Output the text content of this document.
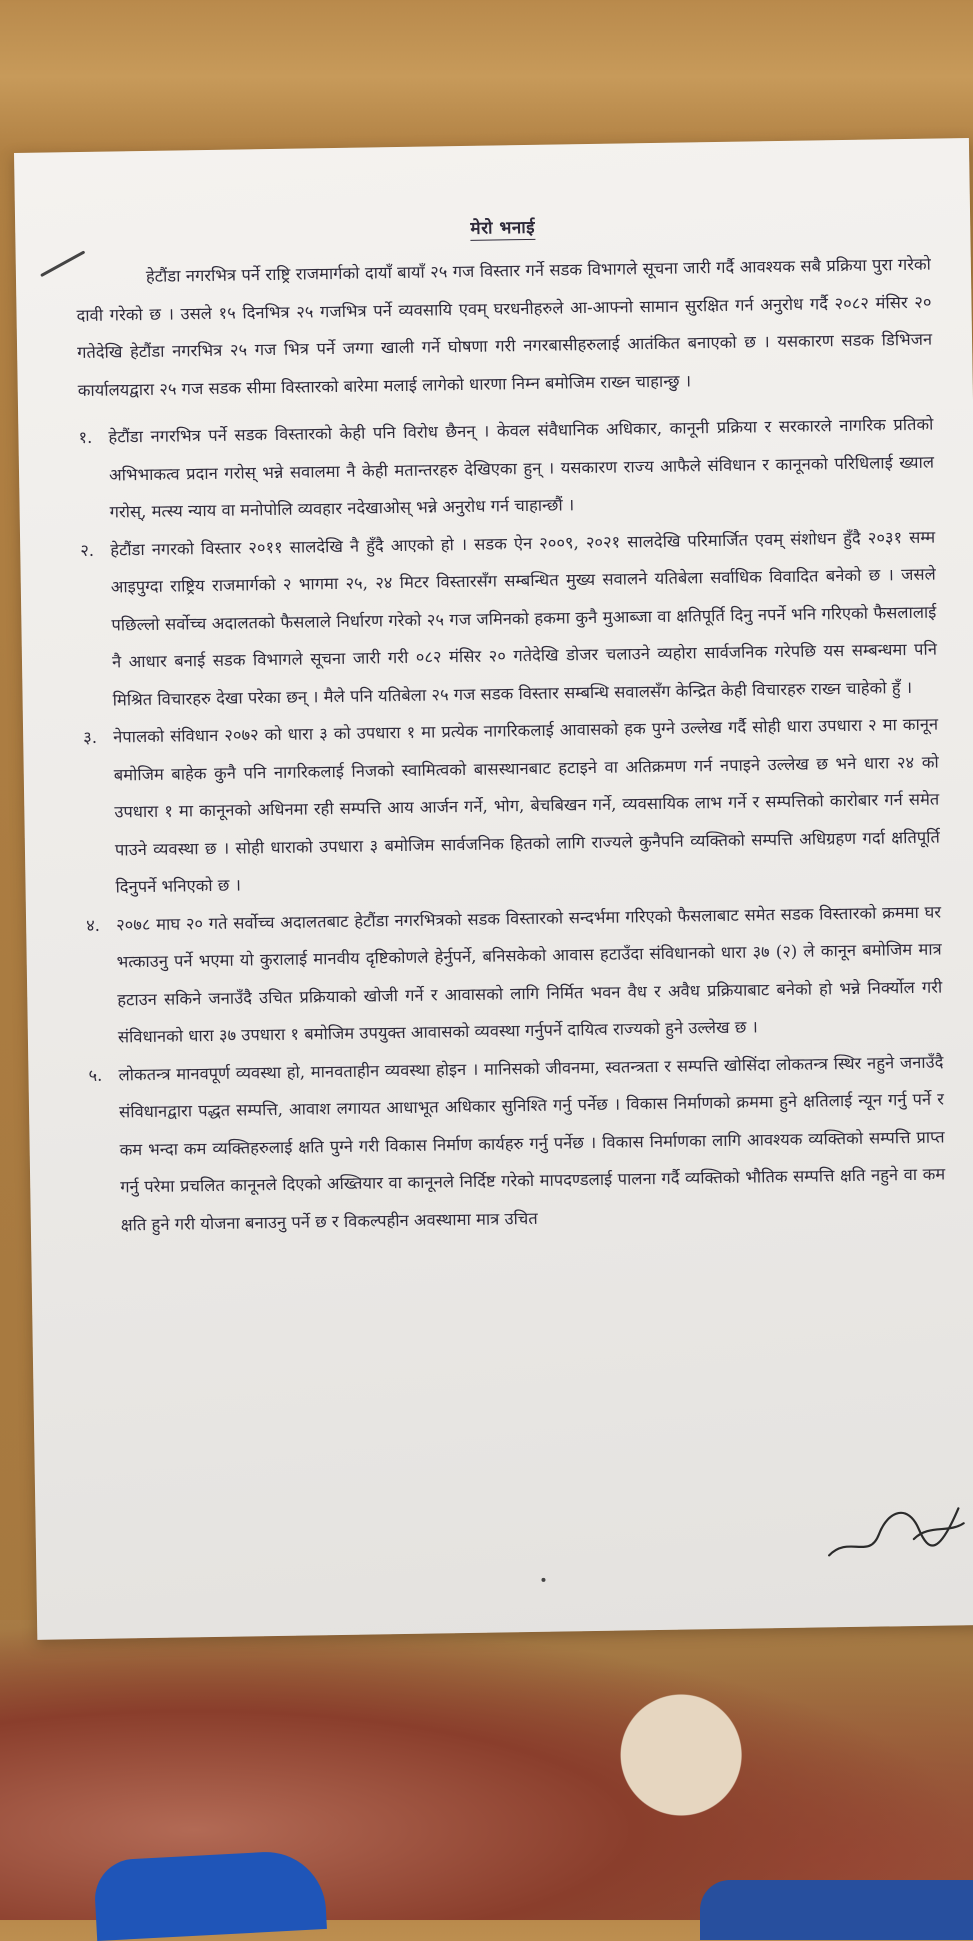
मेरो भनाई

हेटौंडा नगरभित्र पर्ने राष्ट्रि राजमार्गको दायाँ बायाँ २५ गज विस्तार गर्ने सडक विभागले सूचना जारी गर्दै आवश्यक सबै प्रक्रिया पुरा गरेको दावी गरेको छ । उसले १५ दिनभित्र २५ गजभित्र पर्ने व्यवसायि एवम् घरधनीहरुले आ-आफ्नो सामान सुरक्षित गर्न अनुरोध गर्दै २०८२ मंसिर २० गतेदेखि हेटौंडा नगरभित्र २५ गज भित्र पर्ने जग्गा खाली गर्ने घोषणा गरी नगरबासीहरुलाई आतंकित बनाएको छ । यसकारण सडक डिभिजन कार्यालयद्वारा २५ गज सडक सीमा विस्तारको बारेमा मलाई लागेको धारणा निम्न बमोजिम राख्न चाहान्छु ।

१. हेटौंडा नगरभित्र पर्ने सडक विस्तारको केही पनि विरोध छैनन् । केवल संवैधानिक अधिकार, कानूनी प्रक्रिया र सरकारले नागरिक प्रतिको अभिभाकत्व प्रदान गरोस् भन्ने सवालमा नै केही मतान्तरहरु देखिएका हुन् । यसकारण राज्य आफैले संविधान र कानूनको परिधिलाई ख्याल गरोस्, मत्स्य न्याय वा मनोपोलि व्यवहार नदेखाओस् भन्ने अनुरोध गर्न चाहान्छौं ।
२. हेटौंडा नगरको विस्तार २०११ सालदेखि नै हुँदै आएको हो । सडक ऐन २००९, २०२१ सालदेखि परिमार्जित एवम् संशोधन हुँदै २०३१ सम्म आइपुग्दा राष्ट्रिय राजमार्गको २ भागमा २५, २४ मिटर विस्तारसँग सम्बन्धित मुख्य सवालने यतिबेला सर्वाधिक विवादित बनेको छ । जसले पछिल्लो सर्वोच्च अदालतको फैसलाले निर्धारण गरेको २५ गज जमिनको हकमा कुनै मुआब्जा वा क्षतिपूर्ति दिनु नपर्ने भनि गरिएको फैसलालाई नै आधार बनाई सडक विभागले सूचना जारी गरी ०८२ मंसिर २० गतेदेखि डोजर चलाउने व्यहोरा सार्वजनिक गरेपछि यस सम्बन्धमा पनि मिश्रित विचारहरु देखा परेका छन् । मैले पनि यतिबेला २५ गज सडक विस्तार सम्बन्धि सवालसँग केन्द्रित केही विचारहरु राख्न चाहेको हुँ ।
३. नेपालको संविधान २०७२ को धारा ३ को उपधारा १ मा प्रत्येक नागरिकलाई आवासको हक पुग्ने उल्लेख गर्दै सोही धारा उपधारा २ मा कानून बमोजिम बाहेक कुनै पनि नागरिकलाई निजको स्वामित्वको बासस्थानबाट हटाइने वा अतिक्रमण गर्न नपाइने उल्लेख छ भने धारा २४ को उपधारा १ मा कानूनको अधिनमा रही सम्पत्ति आय आर्जन गर्ने, भोग, बेचबिखन गर्ने, व्यवसायिक लाभ गर्ने र सम्पत्तिको कारोबार गर्न समेत पाउने व्यवस्था छ । सोही धाराको उपधारा ३ बमोजिम सार्वजनिक हितको लागि राज्यले कुनैपनि व्यक्तिको सम्पत्ति अधिग्रहण गर्दा क्षतिपूर्ति दिनुपर्ने भनिएको छ ।
४. २०७८ माघ २० गते सर्वोच्च अदालतबाट हेटौंडा नगरभित्रको सडक विस्तारको सन्दर्भमा गरिएको फैसलाबाट समेत सडक विस्तारको क्रममा घर भत्काउनु पर्ने भएमा यो कुरालाई मानवीय दृष्टिकोणले हेर्नुपर्ने, बनिसकेको आवास हटाउँदा संविधानको धारा ३७ (२) ले कानून बमोजिम मात्र हटाउन सकिने जनाउँदै उचित प्रक्रियाको खोजी गर्ने र आवासको लागि निर्मित भवन वैध र अवैध प्रक्रियाबाट बनेको हो भन्ने निर्क्योल गरी संविधानको धारा ३७ उपधारा १ बमोजिम उपयुक्त आवासको व्यवस्था गर्नुपर्ने दायित्व राज्यको हुने उल्लेख छ ।
५. लोकतन्त्र मानवपूर्ण व्यवस्था हो, मानवताहीन व्यवस्था होइन । मानिसको जीवनमा, स्वतन्त्रता र सम्पत्ति खोसिंदा लोकतन्त्र स्थिर नहुने जनाउँदै संविधानद्वारा पद्धत सम्पत्ति, आवाश लगायत आधाभूत अधिकार सुनिश्ति गर्नु पर्नेछ । विकास निर्माणको क्रममा हुने क्षतिलाई न्यून गर्नु पर्ने र कम भन्दा कम व्यक्तिहरुलाई क्षति पुग्ने गरी विकास निर्माण कार्यहरु गर्नु पर्नेछ । विकास निर्माणका लागि आवश्यक व्यक्तिको सम्पत्ति प्राप्त गर्नु परेमा प्रचलित कानूनले दिएको अख्तियार वा कानूनले निर्दिष्ट गरेको मापदण्डलाई पालना गर्दै व्यक्तिको भौतिक सम्पत्ति क्षति नहुने वा कम क्षति हुने गरी योजना बनाउनु पर्ने छ र विकल्पहीन अवस्थामा मात्र उचित
